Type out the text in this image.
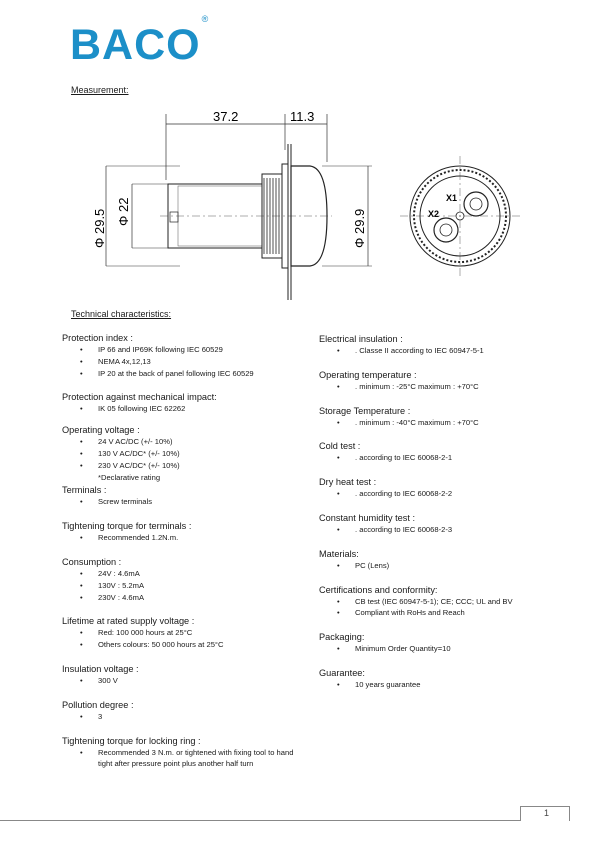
BACO®
Measurement:
37.2	11.3
Φ 29.5 Φ 22	Φ 29.9
X1
X2
Technical characteristics:
Protection index :
• IP 66 and IP69K following IEC 60529
• NEMA 4x,12,13
• IP 20 at the back of panel following IEC 60529
Protection against mechanical impact:
• IK 05 following IEC 62262
Operating voltage :
• 24 V AC/DC (+/- 10%)
• 130 V AC/DC* (+/- 10%)
• 230 V AC/DC* (+/- 10%)
*Declarative rating
Terminals :
• Screw terminals
Tightening torque for terminals :
• Recommended 1.2N.m.
Consumption :
• 24V : 4.6mA
• 130V : 5.2mA
• 230V : 4.6mA
Lifetime at rated supply voltage :
• Red: 100 000 hours at 25°C
• Others colours: 50 000 hours at 25°C
Insulation voltage :
• 300 V
Pollution degree :
• 3
Tightening torque for locking ring :
• Recommended 3 N.m. or tightened with fixing tool to hand tight after pressure point plus another half turn
Electrical insulation :
• . Classe II according to IEC 60947-5-1
Operating temperature :
• . minimum : -25°C maximum : +70°C
Storage Temperature :
• . minimum : -40°C maximum : +70°C
Cold test :
• . according to IEC 60068-2-1
Dry heat test :
• . according to IEC 60068-2-2
Constant humidity test :
• . according to IEC 60068-2-3
Materials:
• PC (Lens)
Certifications and conformity:
• CB test (IEC 60947-5-1); CE; CCC; UL and BV
• Compliant with RoHs and Reach
Packaging:
• Minimum Order Quantity=10
Guarantee:
• 10 years guarantee
1
